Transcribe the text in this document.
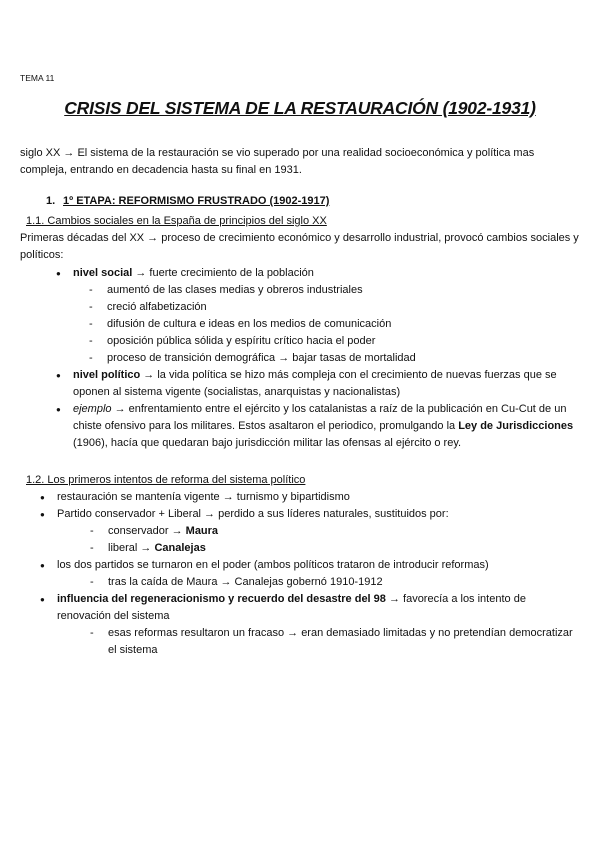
TEMA 11
CRISIS DEL SISTEMA DE LA RESTAURACIÓN (1902-1931)
siglo XX → El sistema de la restauración se vio superado por una realidad socioeconómica y política mas compleja, entrando en decadencia hasta su final en 1931.
1. 1º ETAPA: REFORMISMO FRUSTRADO (1902-1917)
1.1. Cambios sociales en la España de principios del siglo XX
Primeras décadas del XX → proceso de crecimiento económico y desarrollo industrial, provocó cambios sociales y políticos:
● nivel social → fuerte crecimiento de la población
- aumentó de las clases medias y obreros industriales
- creció alfabetización
- difusión de cultura e ideas en los medios de comunicación
- oposición pública sólida y espíritu crítico hacia el poder
- proceso de transición demográfica → bajar tasas de mortalidad
● nivel político → la vida política se hizo más compleja con el crecimiento de nuevas fuerzas que se oponen al sistema vigente (socialistas, anarquistas y nacionalistas)
● ejemplo → enfrentamiento entre el ejército y los catalanistas a raíz de la publicación en Cu-Cut de un chiste ofensivo para los militares. Estos asaltaron el periodico, promulgando la Ley de Jurisdicciones (1906), hacía que quedaran bajo jurisdicción militar las ofensas al ejército o rey.
1.2. Los primeros intentos de reforma del sistema político
● restauración se mantenía vigente → turnismo y bipartidismo
● Partido conservador + Liberal → perdido a sus líderes naturales, sustituidos por:
- conservador → Maura
- liberal → Canalejas
● los dos partidos se turnaron en el poder (ambos políticos trataron de introducir reformas)
- tras la caída de Maura → Canalejas gobernó 1910-1912
● influencia del regeneracionismo y recuerdo del desastre del 98 → favorecía a los intento de renovación del sistema
- esas reformas resultaron un fracaso → eran demasiado limitadas y no pretendían democratizar el sistema
